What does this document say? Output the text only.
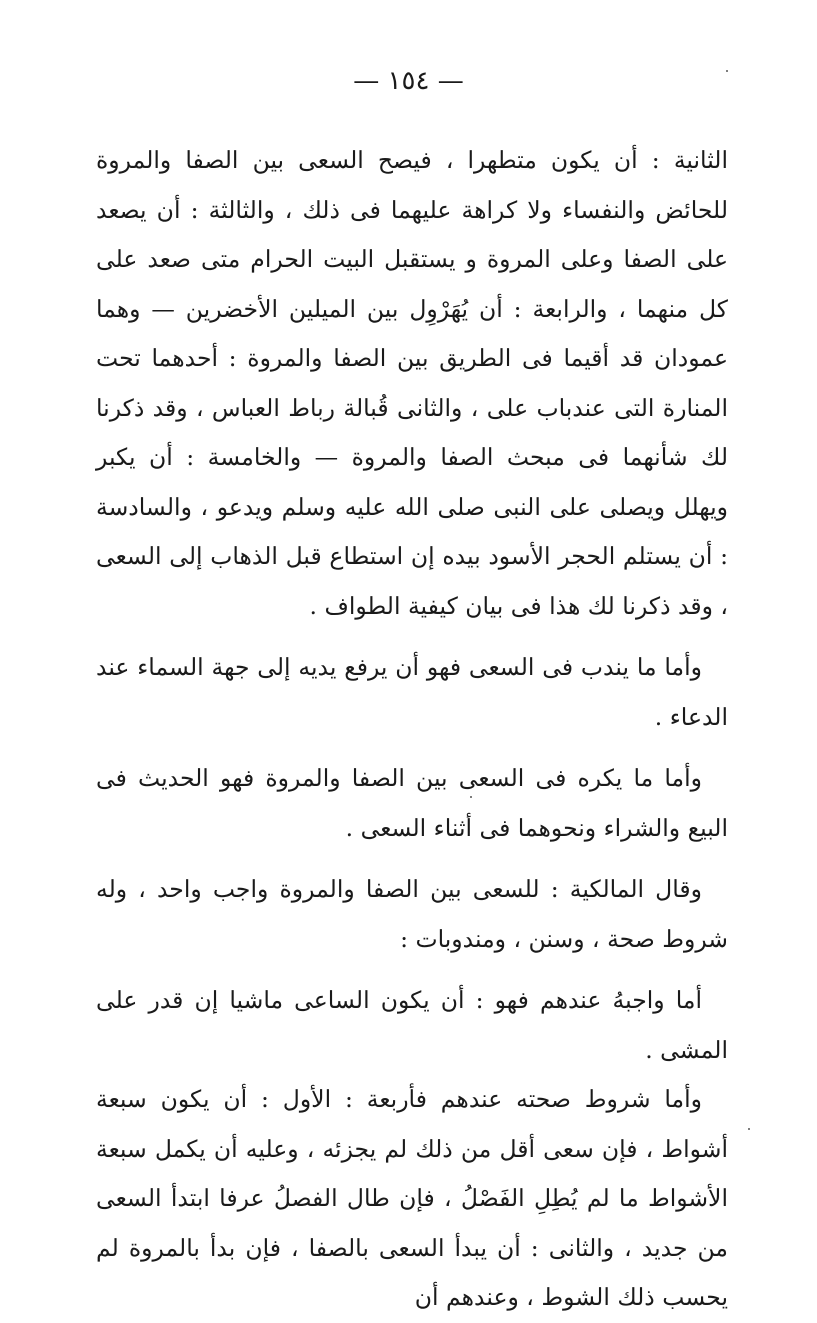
— ١٥٤ —

الثانية : أن يكون متطهرا ، فيصح السعى بين الصفا والمروة للحائض والنفساء ولا كراهة عليهما فى ذلك ، والثالثة : أن يصعد على الصفا وعلى المروة و يستقبل البيت الحرام متى صعد على كل منهما ، والرابعة : أن يُهَرْوِل بين الميلين الأخضرين — وهما عمودان قد أقيما فى الطريق بين الصفا والمروة : أحدهما تحت المنارة التى عندباب على ، والثانى قُبالة رباط العباس ، وقد ذكرنا لك شأنهما فى مبحث الصفا والمروة — والخامسة : أن يكبر ويهلل ويصلى على النبى صلى الله عليه وسلم ويدعو ، والسادسة : أن يستلم الحجر الأسود بيده إن استطاع قبل الذهاب إلى السعى ، وقد ذكرنا لك هذا فى بيان كيفية الطواف .

وأما ما يندب فى السعى فهو أن يرفع يديه إلى جهة السماء عند الدعاء .

وأما ما يكره فى السعى بين الصفا والمروة فهو الحديث فى البيع والشراء ونحوهما فى أثناء السعى .

وقال المالكية : للسعى بين الصفا والمروة واجب واحد ، وله شروط صحة ، وسنن ، ومندوبات :

أما واجبهُ عندهم فهو : أن يكون الساعى ماشيا إن قدر على المشى .

وأما شروط صحته عندهم فأربعة : الأول : أن يكون سبعة أشواط ، فإن سعى أقل من ذلك لم يجزئه ، وعليه أن يكمل سبعة الأشواط ما لم يُطِلِ الفَصْلُ ، فإن طال الفصلُ عرفا ابتدأ السعى من جديد ، والثانى : أن يبدأ السعى بالصفا ، فإن بدأ بالمروة لم يحسب ذلك الشوط ، وعندهم أن
